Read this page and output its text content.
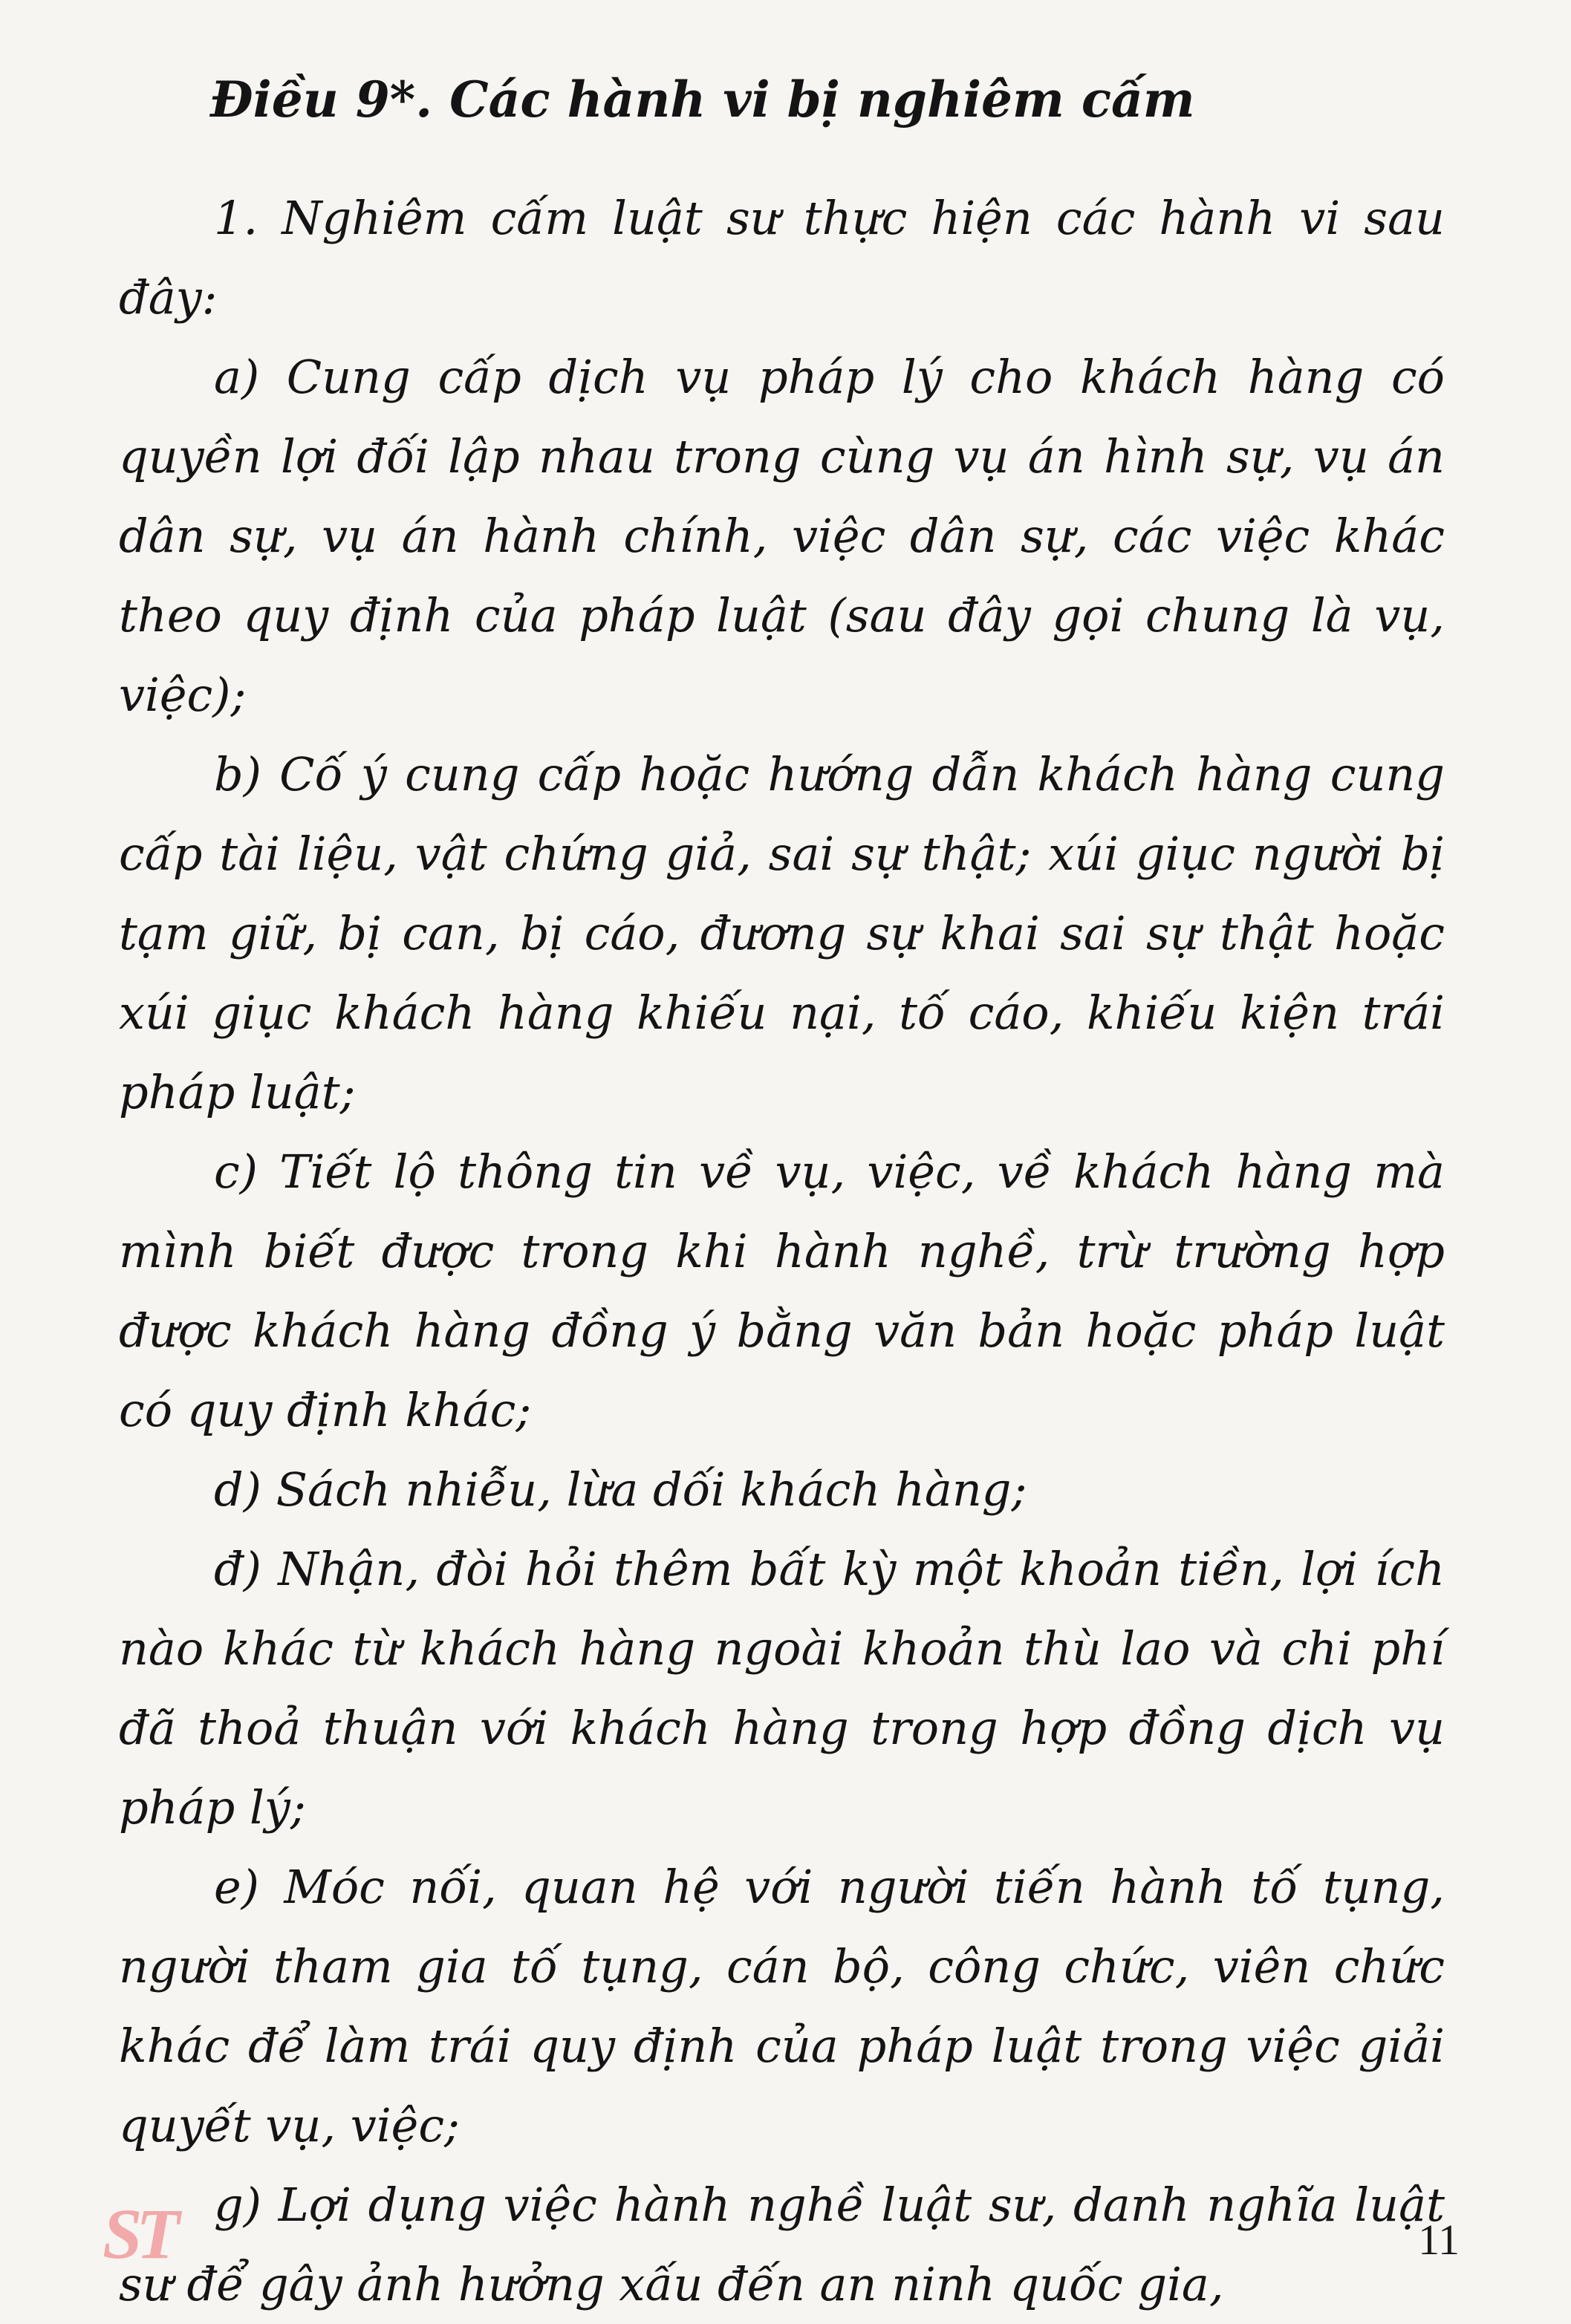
Điều 9*. Các hành vi bị nghiêm cấm

1. Nghiêm cấm luật sư thực hiện các hành vi sau đây:

a) Cung cấp dịch vụ pháp lý cho khách hàng có quyền lợi đối lập nhau trong cùng vụ án hình sự, vụ án dân sự, vụ án hành chính, việc dân sự, các việc khác theo quy định của pháp luật (sau đây gọi chung là vụ, việc);

b) Cố ý cung cấp hoặc hướng dẫn khách hàng cung cấp tài liệu, vật chứng giả, sai sự thật; xúi giục người bị tạm giữ, bị can, bị cáo, đương sự khai sai sự thật hoặc xúi giục khách hàng khiếu nại, tố cáo, khiếu kiện trái pháp luật;

c) Tiết lộ thông tin về vụ, việc, về khách hàng mà mình biết được trong khi hành nghề, trừ trường hợp được khách hàng đồng ý bằng văn bản hoặc pháp luật có quy định khác;

d) Sách nhiễu, lừa dối khách hàng;

đ) Nhận, đòi hỏi thêm bất kỳ một khoản tiền, lợi ích nào khác từ khách hàng ngoài khoản thù lao và chi phí đã thoả thuận với khách hàng trong hợp đồng dịch vụ pháp lý;

e) Móc nối, quan hệ với người tiến hành tố tụng, người tham gia tố tụng, cán bộ, công chức, viên chức khác để làm trái quy định của pháp luật trong việc giải quyết vụ, việc;

g) Lợi dụng việc hành nghề luật sư, danh nghĩa luật sư để gây ảnh hưởng xấu đến an ninh quốc gia,

ST	11
